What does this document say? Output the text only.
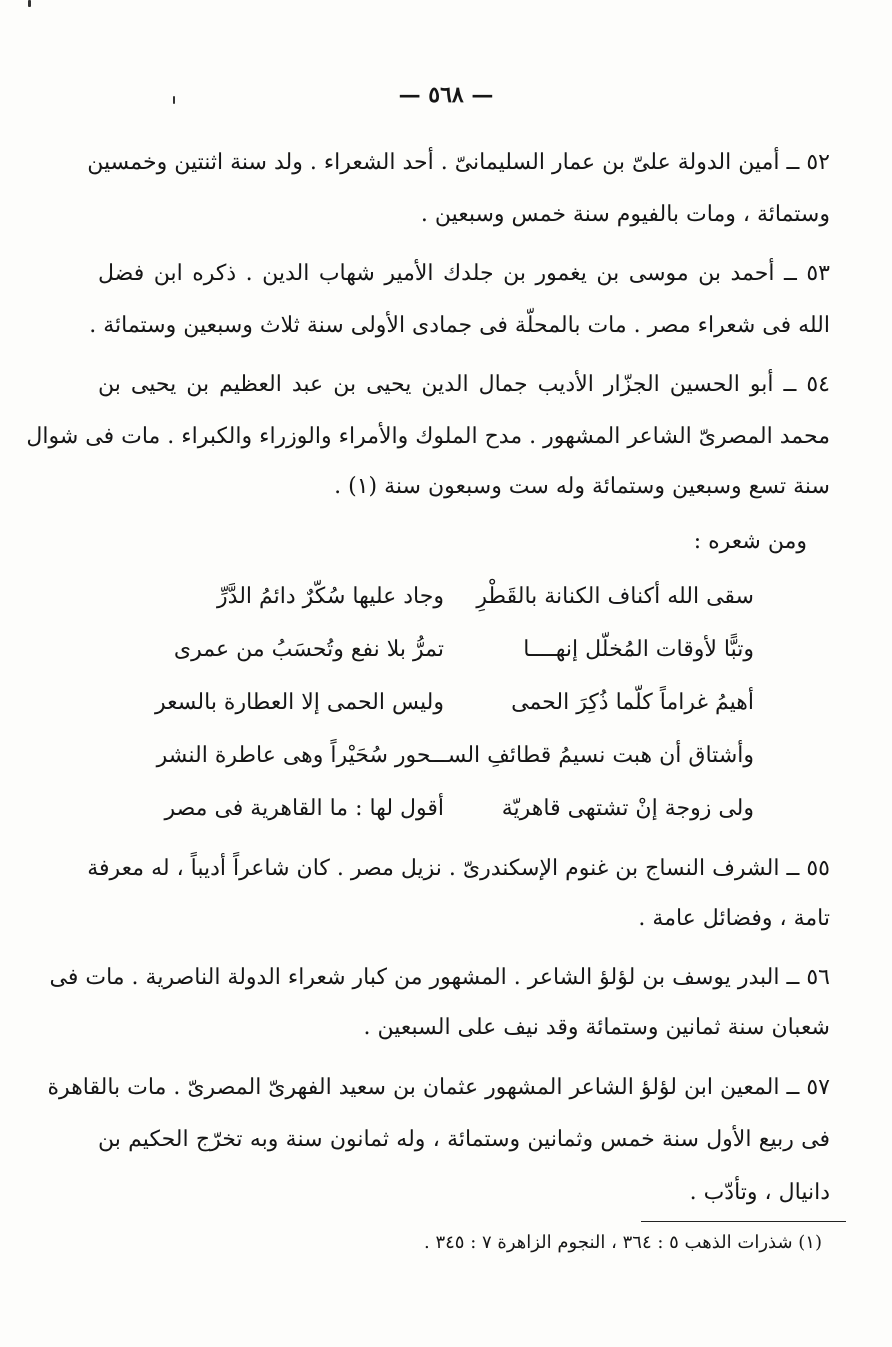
— ٥٦٨ —
٥٢ ــ أمين الدولة علىّ بن عمار السليمانىّ . أحد الشعراء . ولد سنة اثنتين وخمسين
وستمائة ، ومات بالفيوم سنة خمس وسبعين .
٥٣ ــ أحمد بن موسى بن يغمور بن جلدك الأمير شهاب الدين . ذكره ابن فضل
الله فى شعراء مصر . مات بالمحلّة فى جمادى الأولى سنة ثلاث وسبعين وستمائة .
٥٤ ــ أبو الحسين الجزّار الأديب جمال الدين يحيى بن عبد العظيم بن يحيى بن
محمد المصرىّ الشاعر المشهور . مدح الملوك والأمراء والوزراء والكبراء . مات فى شوال
سنة تسع وسبعين وستمائة وله ست وسبعون سنة (١) .
ومن شعره :
سقى الله أكناف الكنانة بالقَطْرِ
وجاد عليها سُكّرٌ دائمُ الدَّرِّ
وتبًّا لأوقات المُخلّل إنهــــا
تمرُّ بلا نفع وتُحسَبُ من عمرى
أهيمُ غراماً كلّما ذُكِرَ الحمى
وليس الحمى إلا العطارة بالسعر
وأشتاق أن هبت نسيمُ قطائفِ الســ
ــحور سُحَيْراً وهى عاطرة النشر
ولى زوجة إنْ تشتهى قاهريّة
أقول لها : ما القاهرية فى مصر
٥٥ ــ الشرف النساج بن غنوم الإسكندرىّ . نزيل مصر . كان شاعراً أديباً ، له معرفة
تامة ، وفضائل عامة .
٥٦ ــ البدر يوسف بن لؤلؤ الشاعر . المشهور من كبار شعراء الدولة الناصرية . مات فى
شعبان سنة ثمانين وستمائة وقد نيف على السبعين .
٥٧ ــ المعين ابن لؤلؤ الشاعر المشهور عثمان بن سعيد الفهرىّ المصرىّ . مات بالقاهرة
فى ربيع الأول سنة خمس وثمانين وستمائة ، وله ثمانون سنة وبه تخرّج الحكيم بن
دانيال ، وتأدّب .
(١) شذرات الذهب ٥ : ٣٦٤ ، النجوم الزاهرة ٧ : ٣٤٥ .
